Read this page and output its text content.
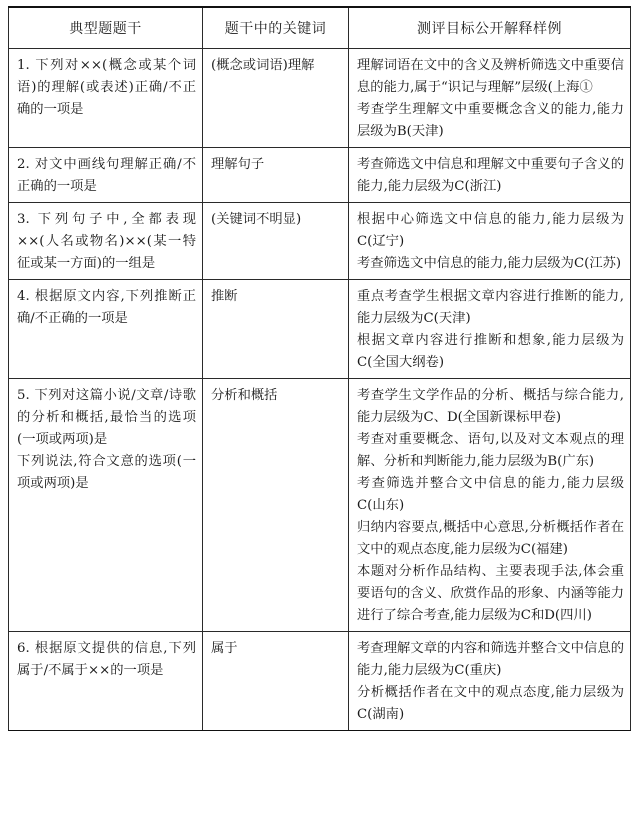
典型题题干	题干中的关键词	测评目标公开解释样例

1. 下列对××(概念或某个词语)的理解(或表述)正确/不正确的一项是	(概念或词语)理解	理解词语在文中的含义及辨析筛选文中重要信息的能力,属于“识记与理解”层级(上海①
考查学生理解文中重要概念含义的能力,能力层级为B(天津)

2. 对文中画线句理解正确/不正确的一项是	理解句子	考查筛选文中信息和理解文中重要句子含义的能力,能力层级为C(浙江)

3. 下列句子中,全都表现××(人名或物名)××(某一特征或某一方面)的一组是	(关键词不明显)	根据中心筛选文中信息的能力,能力层级为C(辽宁)
考查筛选文中信息的能力,能力层级为C(江苏)

4. 根据原文内容,下列推断正确/不正确的一项是	推断	重点考查学生根据文章内容进行推断的能力,能力层级为C(天津)
根据文章内容进行推断和想象,能力层级为C(全国大纲卷)

5. 下列对这篇小说/文章/诗歌的分析和概括,最恰当的选项(一项或两项)是
下列说法,符合文意的选项(一项或两项)是	分析和概括	考查学生文学作品的分析、概括与综合能力,能力层级为C、D(全国新课标甲卷)
考查对重要概念、语句,以及对文本观点的理解、分析和判断能力,能力层级为B(广东)
考查筛选并整合文中信息的能力,能力层级C(山东)
归纳内容要点,概括中心意思,分析概括作者在文中的观点态度,能力层级为C(福建)
本题对分析作品结构、主要表现手法,体会重要语句的含义、欣赏作品的形象、内涵等能力进行了综合考查,能力层级为C和D(四川)

6. 根据原文提供的信息,下列属于/不属于××的一项是	属于	考查理解文章的内容和筛选并整合文中信息的能力,能力层级为C(重庆)
分析概括作者在文中的观点态度,能力层级为C(湖南)
